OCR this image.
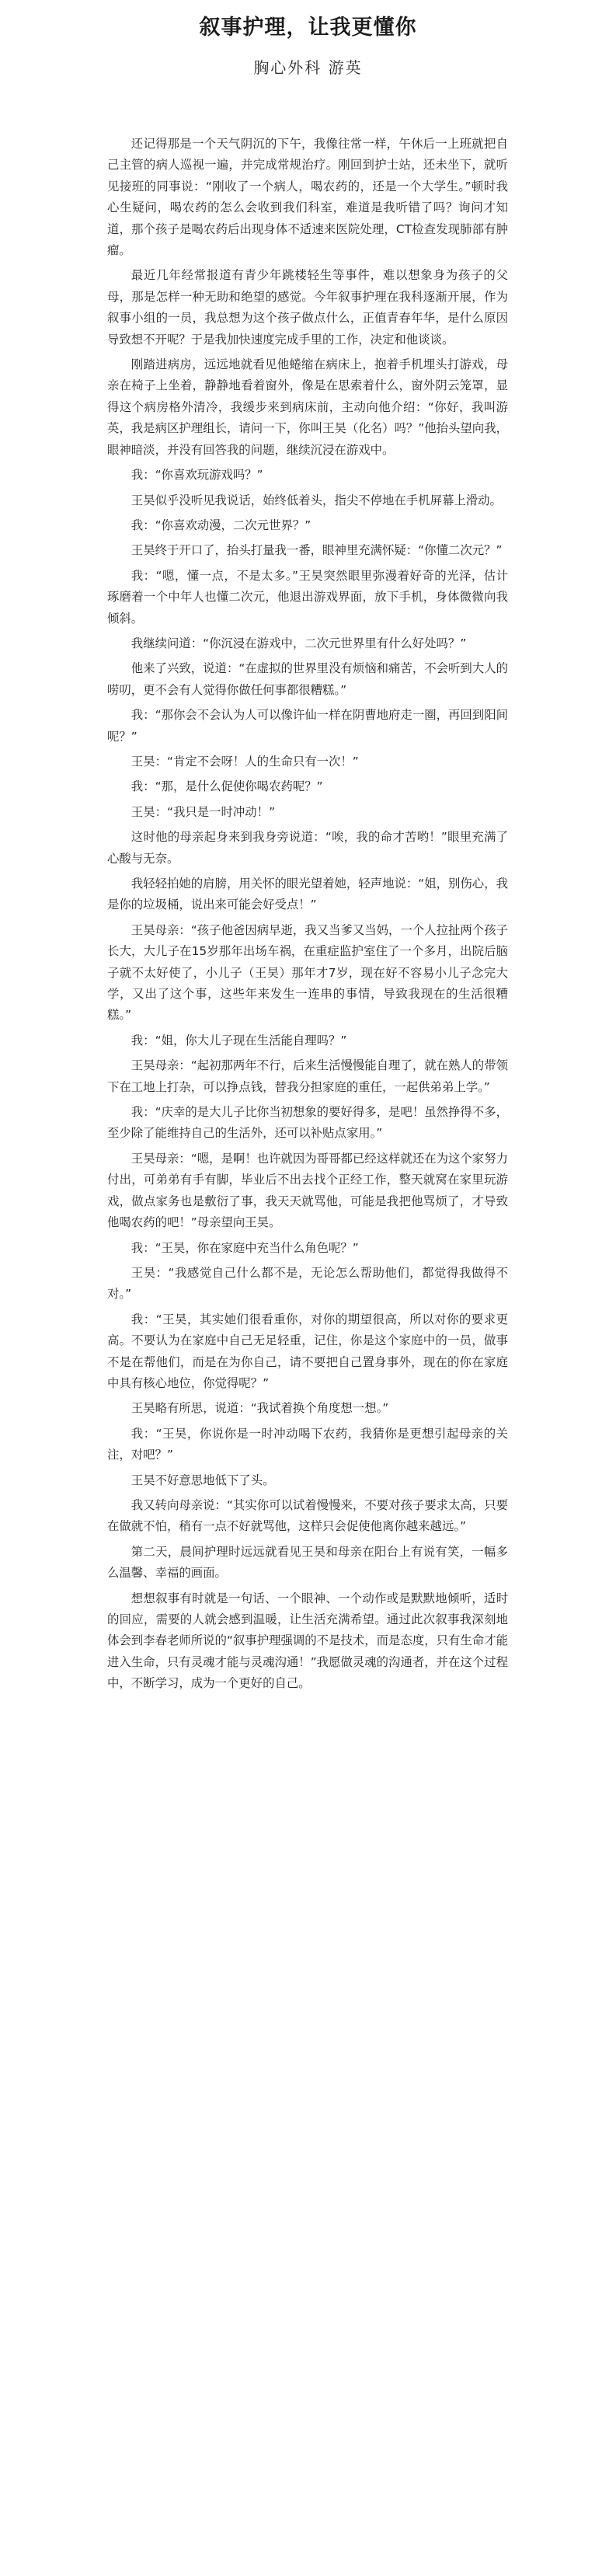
叙事护理，让我更懂你
胸心外科 游英

还记得那是一个天气阴沉的下午，我像往常一样，午休后一上班就把自己主管的病人巡视一遍，并完成常规治疗。刚回到护士站，还未坐下，就听见接班的同事说：“刚收了一个病人，喝农药的，还是一个大学生。”顿时我心生疑问，喝农药的怎么会收到我们科室，难道是我听错了吗？询问才知道，那个孩子是喝农药后出现身体不适速来医院处理，CT检查发现肺部有肿瘤。

最近几年经常报道有青少年跳楼轻生等事件，难以想象身为孩子的父母，那是怎样一种无助和绝望的感觉。今年叙事护理在我科逐渐开展，作为叙事小组的一员，我总想为这个孩子做点什么，正值青春年华，是什么原因导致想不开呢？于是我加快速度完成手里的工作，决定和他谈谈。

刚踏进病房，远远地就看见他蜷缩在病床上，抱着手机埋头打游戏，母亲在椅子上坐着，静静地看着窗外，像是在思索着什么，窗外阴云笼罩，显得这个病房格外清冷，我缓步来到病床前，主动向他介绍：“你好，我叫游英，我是病区护理组长，请问一下，你叫王昊（化名）吗？”他抬头望向我，眼神暗淡，并没有回答我的问题，继续沉浸在游戏中。

我：“你喜欢玩游戏吗？”

王昊似乎没听见我说话，始终低着头，指尖不停地在手机屏幕上滑动。

我：“你喜欢动漫，二次元世界？”

王昊终于开口了，抬头打量我一番，眼神里充满怀疑：“你懂二次元？”

我：“嗯，懂一点，不是太多。”王昊突然眼里弥漫着好奇的光泽，估计琢磨着一个中年人也懂二次元，他退出游戏界面，放下手机，身体微微向我倾斜。

我继续问道：“你沉浸在游戏中，二次元世界里有什么好处吗？”

他来了兴致，说道：“在虚拟的世界里没有烦恼和痛苦，不会听到大人的唠叨，更不会有人觉得你做任何事都很糟糕。”

我：“那你会不会认为人可以像许仙一样在阴曹地府走一圈，再回到阳间呢？”

王昊：“肯定不会呀！人的生命只有一次！”

我：“那，是什么促使你喝农药呢？”

王昊：“我只是一时冲动！”

这时他的母亲起身来到我身旁说道：“唉，我的命才苦哟！”眼里充满了心酸与无奈。

我轻轻拍她的肩膀，用关怀的眼光望着她，轻声地说：“姐，别伤心，我是你的垃圾桶，说出来可能会好受点！”

王昊母亲：“孩子他爸因病早逝，我又当爹又当妈，一个人拉扯两个孩子长大，大儿子在15岁那年出场车祸，在重症监护室住了一个多月，出院后脑子就不太好使了，小儿子（王昊）那年才7岁，现在好不容易小儿子念完大学，又出了这个事，这些年来发生一连串的事情，导致我现在的生活很糟糕。”

我：“姐，你大儿子现在生活能自理吗？”

王昊母亲：“起初那两年不行，后来生活慢慢能自理了，就在熟人的带领下在工地上打杂，可以挣点钱，替我分担家庭的重任，一起供弟弟上学。”

我：“庆幸的是大儿子比你当初想象的要好得多，是吧！虽然挣得不多，至少除了能维持自己的生活外，还可以补贴点家用。”

王昊母亲：“嗯，是啊！也许就因为哥哥都已经这样就还在为这个家努力付出，可弟弟有手有脚，毕业后不出去找个正经工作，整天就窝在家里玩游戏，做点家务也是敷衍了事，我天天就骂他，可能是我把他骂烦了，才导致他喝农药的吧！”母亲望向王昊。

我：“王昊，你在家庭中充当什么角色呢？”

王昊：“我感觉自己什么都不是，无论怎么帮助他们，都觉得我做得不对。”

我：“王昊，其实她们很看重你，对你的期望很高，所以对你的要求更高。不要认为在家庭中自己无足轻重，记住，你是这个家庭中的一员，做事不是在帮他们，而是在为你自己，请不要把自己置身事外，现在的你在家庭中具有核心地位，你觉得呢？”

王昊略有所思，说道：“我试着换个角度想一想。”

我：“王昊，你说你是一时冲动喝下农药，我猜你是更想引起母亲的关注，对吧？”

王昊不好意思地低下了头。

我又转向母亲说：“其实你可以试着慢慢来，不要对孩子要求太高，只要在做就不怕，稍有一点不好就骂他，这样只会促使他离你越来越远。”

第二天，晨间护理时远远就看见王昊和母亲在阳台上有说有笑，一幅多么温馨、幸福的画面。

想想叙事有时就是一句话、一个眼神、一个动作或是默默地倾听，适时的回应，需要的人就会感到温暖，让生活充满希望。通过此次叙事我深刻地体会到李春老师所说的“叙事护理强调的不是技术，而是态度，只有生命才能进入生命，只有灵魂才能与灵魂沟通！”我愿做灵魂的沟通者，并在这个过程中，不断学习，成为一个更好的自己。
